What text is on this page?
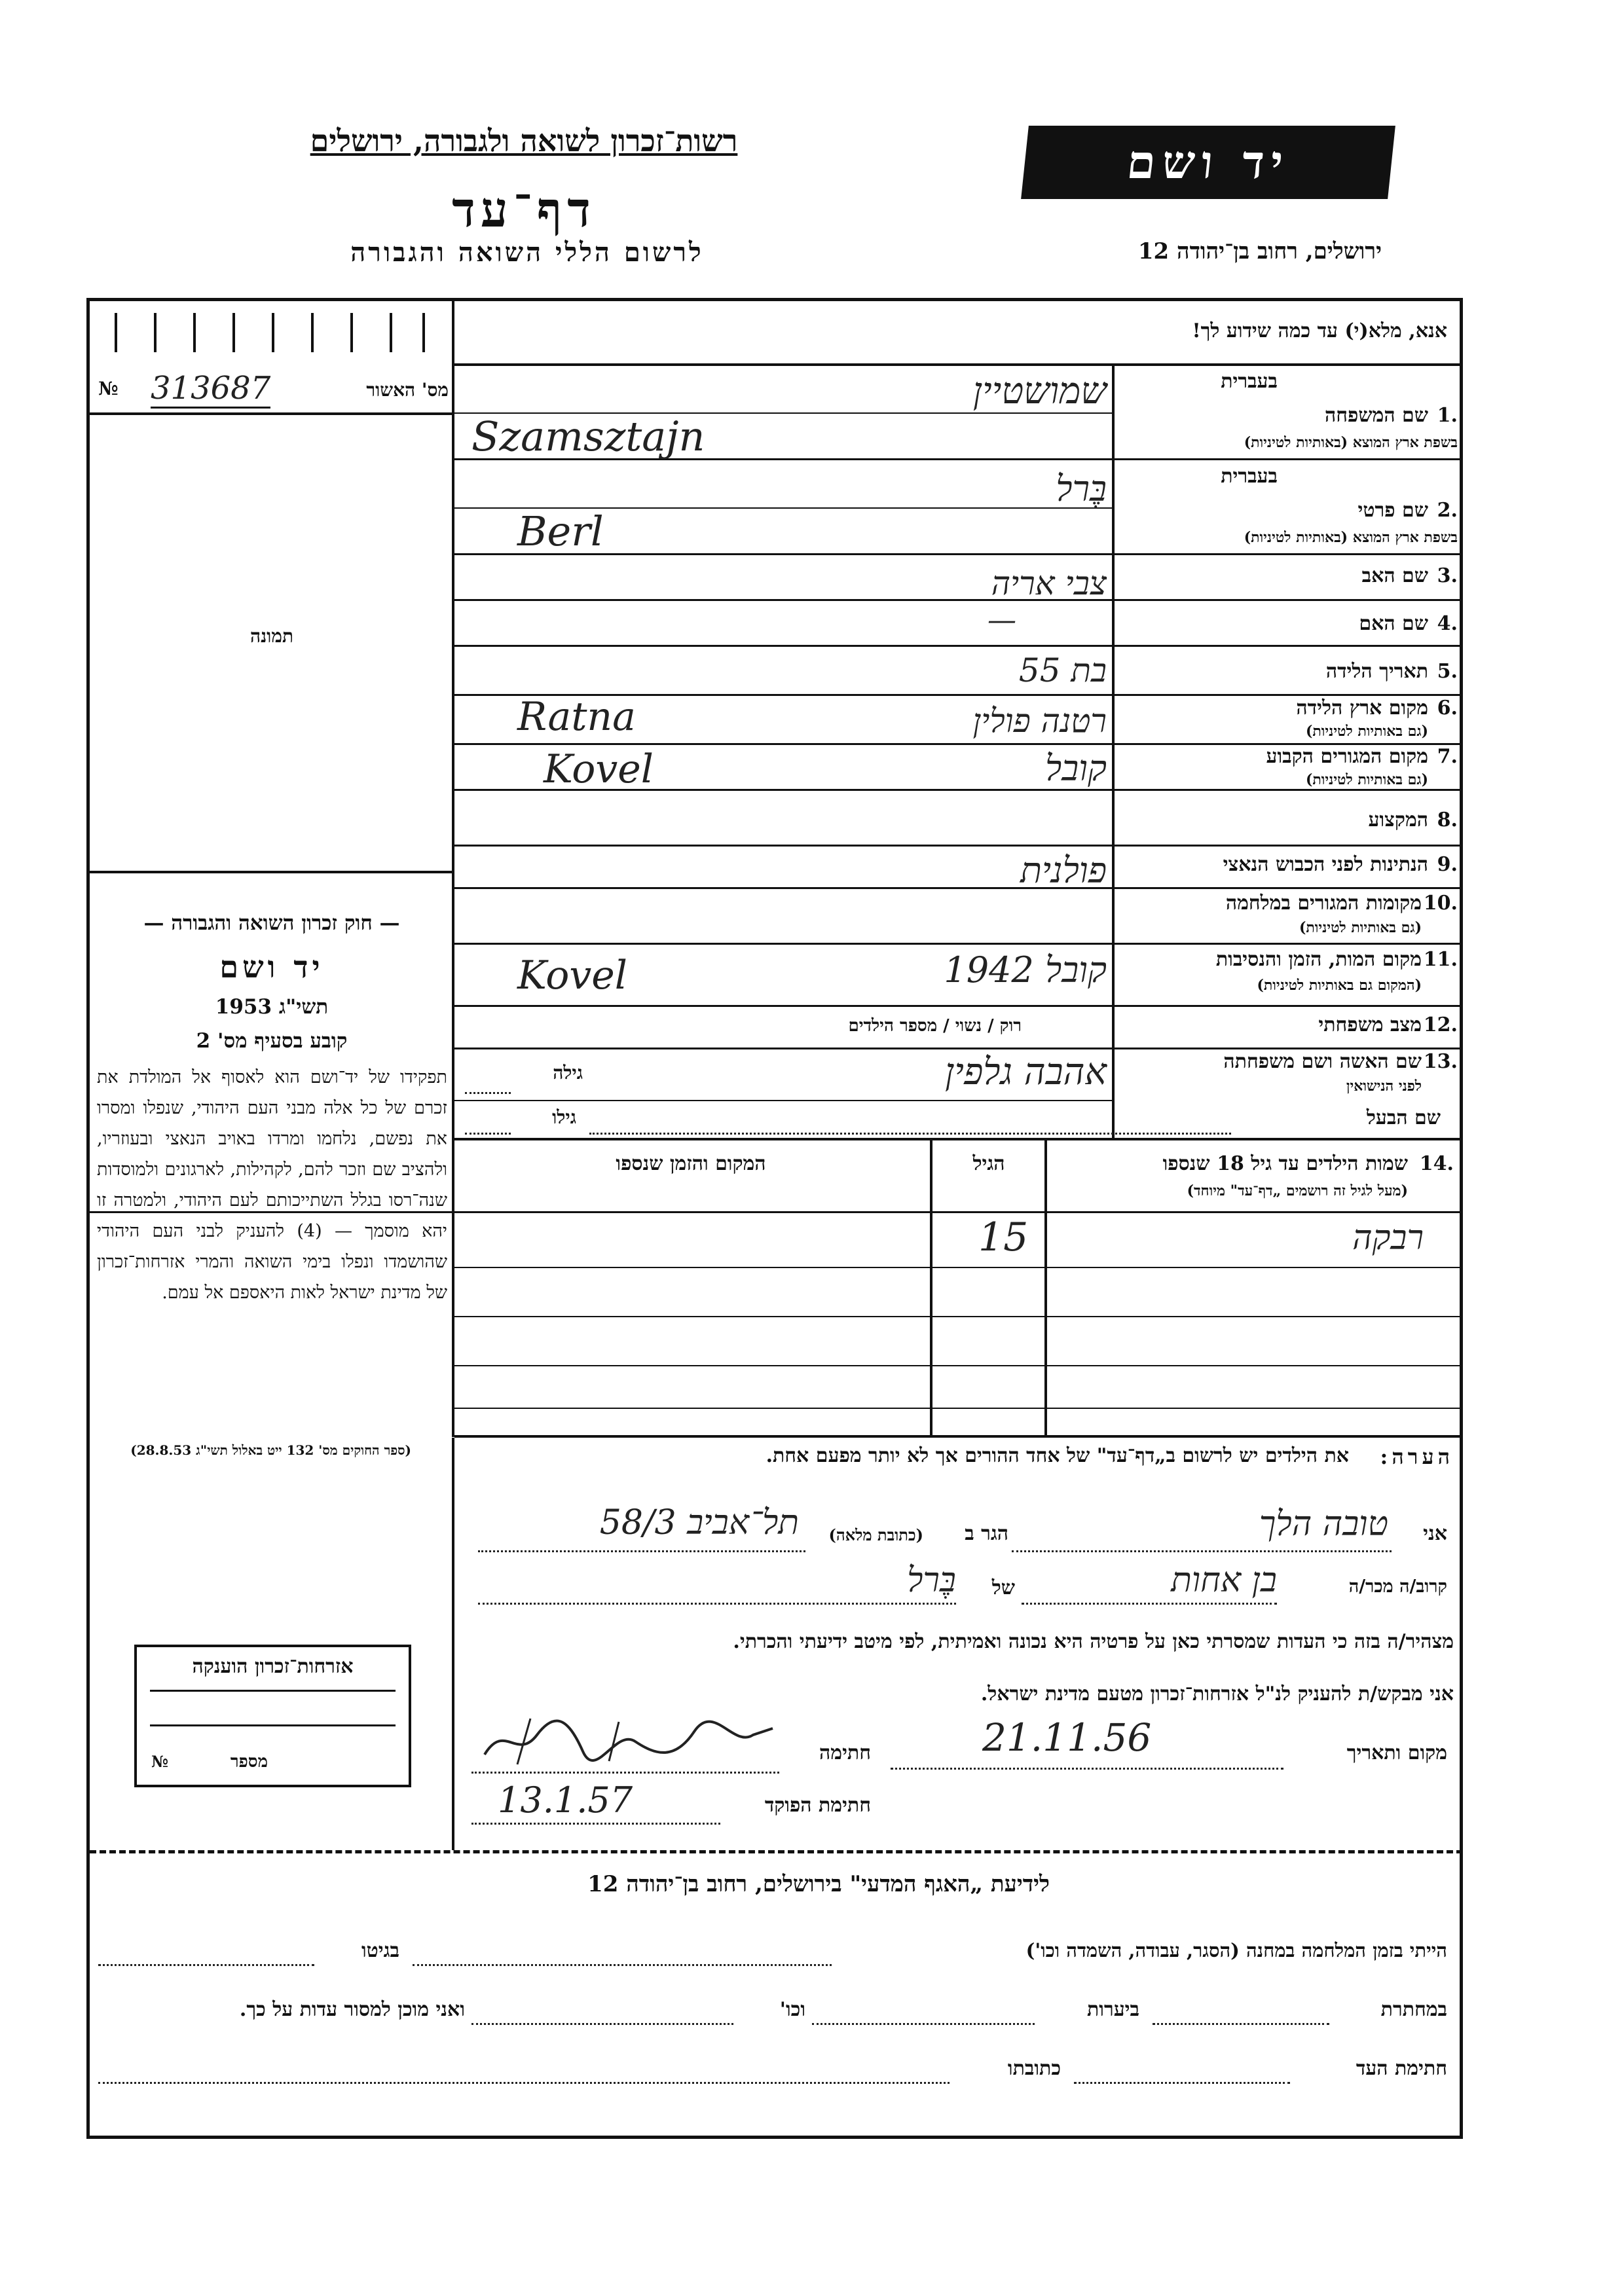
רשות־זכרון לשואה ולגבורה, ירושלים
דף־עד
לרשום הללי השואה והגבורה
יד ושם
ירושלים, רחוב בן־יהודה 12
אנא, מלא(י) עד כמה שידוע לך!
№ 313687	מס' האשור
תמונה
— חוק זכרון השואה והגבורה —
יד ושם
תשי"ג 1953
קובע בסעיף מס' 2
תפקידו של יד־ושם הוא לאסוף אל המולדת את זכרם של כל אלה מבני העם היהודי, שנפלו ומסרו את נפשם, נלחמו ומרדו באויב הנאצי ובעוזריו, ולהציב שם וזכר להם, לקהילות, לארגונים ולמוסדות שנה־רסו בגלל השתייכותם לעם היהודי, ולמטרה זו יהא מוסמך — (4) להעניק לבני העם היהודי שהושמדו ונפלו בימי השואה והמרי אזרחות־זכרון של מדינת ישראל לאות היאספם אל עמם.
(ספר החוקים מס' 132 ייט באלול תשי"ג 28.8.53)
בעברית
1.
שם המשפחה
בשפת ארץ המוצא (באותיות לטיניות)
בעברית
2.
שם פרטי
בשפת ארץ המוצא (באותיות לטיניות)
3.
שם האב
4.
שם האם
5.
תאריך הלידה
6.
מקום ארץ הלידה
(גם באותיות לטיניות)
7.
מקום המגורים הקבוע
(גם באותיות לטיניות)
8.
המקצוע
9.
הנתינות לפני הכבוש הנאצי
10.
מקומות המגורים במלחמה
(גם באותיות לטיניות)
11.
מקום המות, הזמן והנסיבות
(המקום גם באותיות לטיניות)
12.
מצב משפחתי
רוק / נשוי / מספר הילדים
13.
שם האשה ושם משפחתה
לפני הנישואין
גילה
שם הבעל
גילו
שמושטיין
Szamsztajn
בֶּרל
Berl
צבי אריה
—
בת 55
רטנה פולין
Ratna
קובל
Kovel
פולנית
קובל 1942
Kovel
אהבה גלפין
14.
שמות הילדים עד גיל 18 שנספו
(מעל לגיל זה רושמים „דף־עד" מיוחד)
הגיל
המקום והזמן שנספו
רבקה
15
הערה:
את הילדים יש לרשום ב„דף־עד" של אחד ההורים אך לא יותר מפעם אחת.
אני
טובה הלך
הגר ב
(כתובת מלאה)
תל־אביב 58/3
קרוב/ה מכר/ה
בן אחות
של
בֶּרל
מצהיר/ה בזה כי העדות שמסרתי כאן על פרטיה היא נכונה ואמיתית, לפי מיטב ידיעתי והכרתי.
אני מבקש/ת להעניק לנ"ל אזרחות־זכרון מטעם מדינת ישראל.
מקום ותאריך
21.11.56
חתימה
חתימת הפוקד
13.1.57
אזרחות־זכרון הוענקה
№	מספר
לידיעת „האגף המדעי" בירושלים, רחוב בן־יהודה 12
הייתי בזמן המלחמה במחנה (הסגר, עבודה, השמדה וכו')
בגיטו
במחתרת
ביערות
וכו'
ואני מוכן למסור עדות על כך.
חתימת העד
כתובתו
